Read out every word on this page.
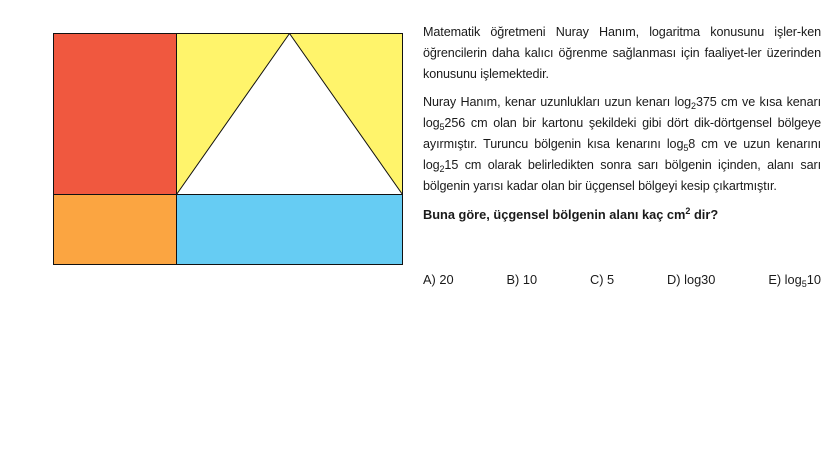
Matematik öğretmeni Nuray Hanım, logaritma konusunu işler-ken öğrencilerin daha kalıcı öğrenme sağlanması için faaliyet-ler üzerinden konusunu işlemektedir.

Nuray Hanım, kenar uzunlukları uzun kenarı $\log_2375$ cm ve kısa kenarı $\log_5256$ cm olan bir kartonu şekildeki gibi dört dik-dörtgensel bölgeye ayırmıştır. Turuncu bölgenin kısa kenarını $\log_58$ cm ve uzun kenarını $\log_215$ cm olarak belirledikten sonra sarı bölgenin içinden, alanı sarı bölgenin yarısı kadar olan bir üçgensel bölgeyi kesip çıkartmıştır.

Buna göre, üçgensel bölgenin alanı kaç $cm^2$ dir?

A) 20	B) 10	C) 5	D) log30	E) $\log_510$
